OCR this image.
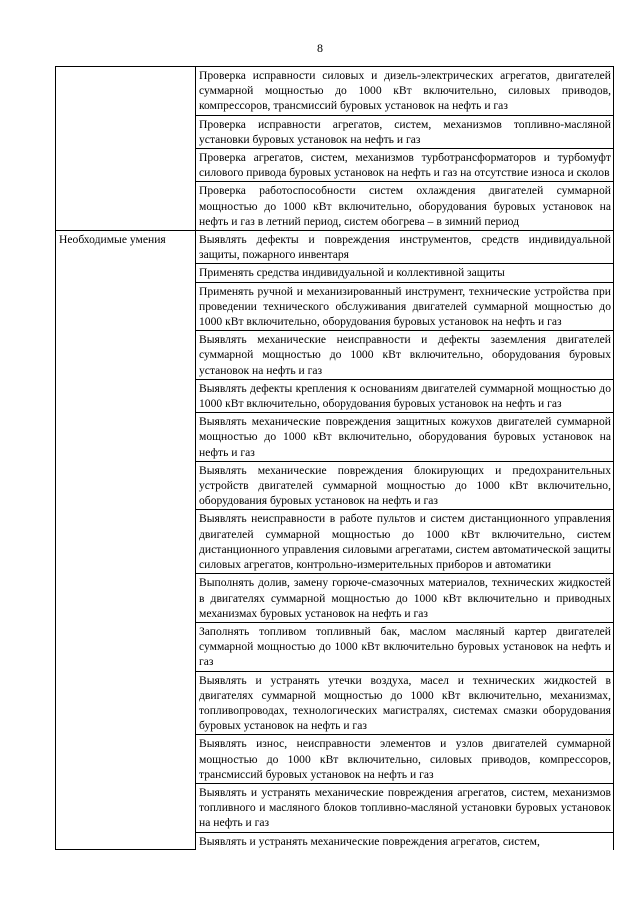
8
	Проверка исправности силовых и дизель-электрических агрегатов, двигателей суммарной мощностью до 1000 кВт включительно, силовых приводов, компрессоров, трансмиссий буровых установок на нефть и газ
	Проверка исправности агрегатов, систем, механизмов топливно-масляной установки буровых установок на нефть и газ
	Проверка агрегатов, систем, механизмов турботрансформаторов и турбомуфт силового привода буровых установок на нефть и газ на отсутствие износа и сколов
	Проверка работоспособности систем охлаждения двигателей суммарной мощностью до 1000 кВт включительно, оборудования буровых установок на нефть и газ в летний период, систем обогрева – в зимний период
Необходимые умения	Выявлять дефекты и повреждения инструментов, средств индивидуальной защиты, пожарного инвентаря
	Применять средства индивидуальной и коллективной защиты
	Применять ручной и механизированный инструмент, технические устройства при проведении технического обслуживания двигателей суммарной мощностью до 1000 кВт включительно, оборудования буровых установок на нефть и газ
	Выявлять механические неисправности и дефекты заземления двигателей суммарной мощностью до 1000 кВт включительно, оборудования буровых установок на нефть и газ
	Выявлять дефекты крепления к основаниям двигателей суммарной мощностью до 1000 кВт включительно, оборудования буровых установок на нефть и газ
	Выявлять механические повреждения защитных кожухов двигателей суммарной мощностью до 1000 кВт включительно, оборудования буровых установок на нефть и газ
	Выявлять механические повреждения блокирующих и предохранительных устройств двигателей суммарной мощностью до 1000 кВт включительно, оборудования буровых установок на нефть и газ
	Выявлять неисправности в работе пультов и систем дистанционного управления двигателей суммарной мощностью до 1000 кВт включительно, систем дистанционного управления силовыми агрегатами, систем автоматической защиты силовых агрегатов, контрольно-измерительных приборов и автоматики
	Выполнять долив, замену горюче-смазочных материалов, технических жидкостей в двигателях суммарной мощностью до 1000 кВт включительно и приводных механизмах буровых установок на нефть и газ
	Заполнять топливом топливный бак, маслом масляный картер двигателей суммарной мощностью до 1000 кВт включительно буровых установок на нефть и газ
	Выявлять и устранять утечки воздуха, масел и технических жидкостей в двигателях суммарной мощностью до 1000 кВт включительно, механизмах, топливопроводах, технологических магистралях, системах смазки оборудования буровых установок на нефть и газ
	Выявлять износ, неисправности элементов и узлов двигателей суммарной мощностью до 1000 кВт включительно, силовых приводов, компрессоров, трансмиссий буровых установок на нефть и газ
	Выявлять и устранять механические повреждения агрегатов, систем, механизмов топливного и масляного блоков топливно-масляной установки буровых установок на нефть и газ
	Выявлять и устранять механические повреждения агрегатов, систем,
